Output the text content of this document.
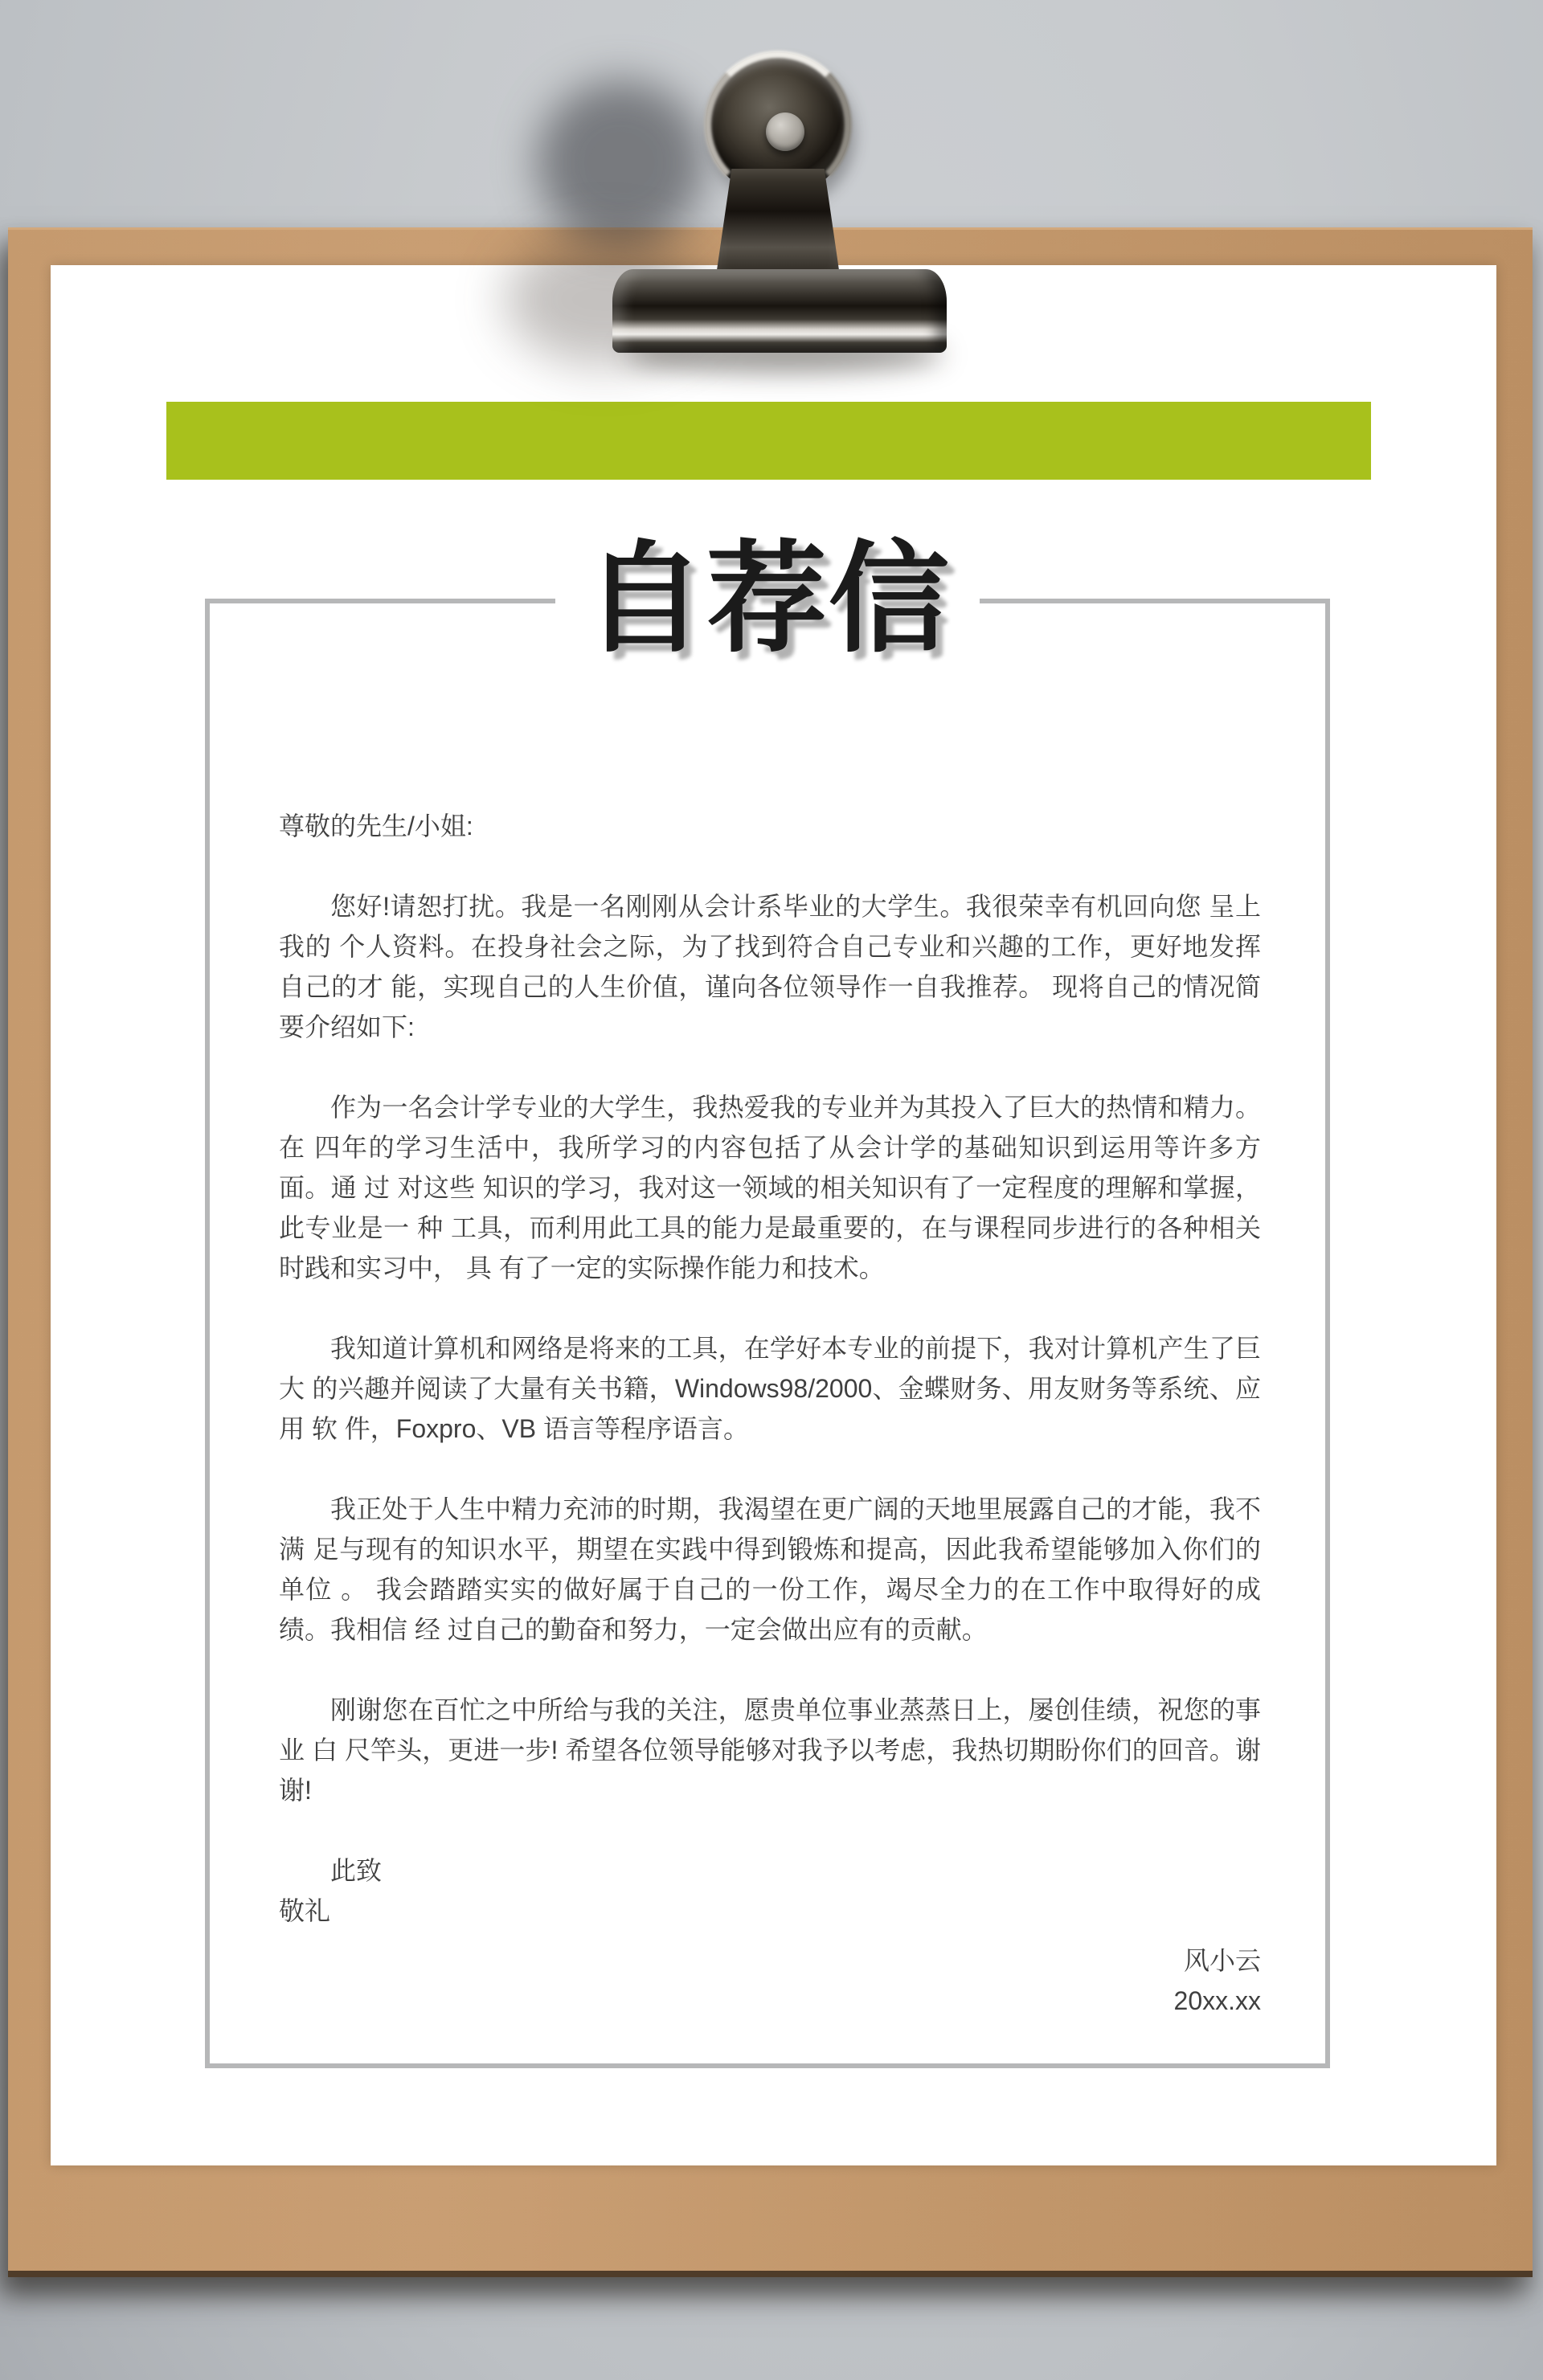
自荐信

尊敬的先生/小姐:

您好!请恕打扰。我是一名刚刚从会计系毕业的大学生。我很荣幸有机回向您 呈上我的 个人资料。在投身社会之际，为了找到符合自己专业和兴趣的工作，更好地发挥 自己的才 能，实现自己的人生价值，谨向各位领导作一自我推荐。 现将自己的情况简要介绍如下:

作为一名会计学专业的大学生，我热爱我的专业并为其投入了巨大的热情和精力。 在 四年的学习生活中，我所学习的内容包括了从会计学的基础知识到运用等许多方面。通 过 对这些 知识的学习，我对这一领域的相关知识有了一定程度的理解和掌握，此专业是一 种 工具，而利用此工具的能力是最重要的，在与课程同步进行的各种相关时践和实习中， 具 有了一定的实际操作能力和技术。

我知道计算机和网络是将来的工具，在学好本专业的前提下，我对计算机产生了巨 大 的兴趣并阅读了大量有关书籍，Windows98/2000、金蝶财务、用友财务等系统、应用 软 件，Foxpro、VB 语言等程序语言。

我正处于人生中精力充沛的时期，我渴望在更广阔的天地里展露自己的才能，我不 满 足与现有的知识水平，期望在实践中得到锻炼和提高，因此我希望能够加入你们的单位 。 我会踏踏实实的做好属于自己的一份工作，竭尽全力的在工作中取得好的成绩。我相信 经 过自己的勤奋和努力，一定会做出应有的贡献。

刚谢您在百忙之中所给与我的关注，愿贵单位事业蒸蒸日上，屡创佳绩，祝您的事业 白 尺竿头，更进一步! 希望各位领导能够对我予以考虑，我热切期盼你们的回音。谢谢!

此致

敬礼

风小云

20xx.xx
